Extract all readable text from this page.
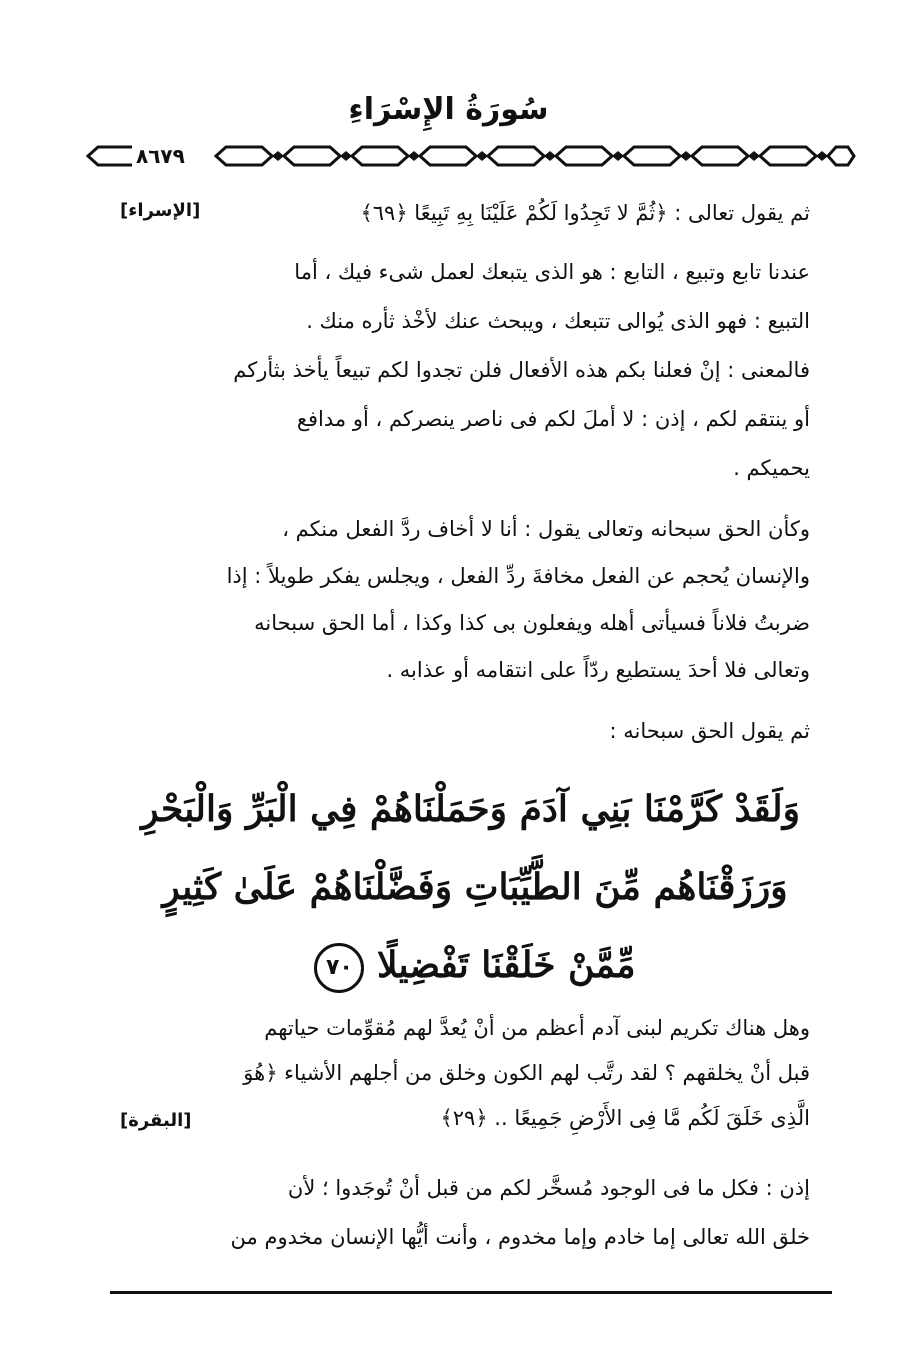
سُورَةُ الإِسْرَاءِ
٨٦٧٩
ثم يقول تعالى : ﴿ثُمَّ لا تَجِدُوا لَكُمْ عَلَيْنَا بِهِ تَبِيعًا ﴿٦٩﴾
[الإسراء]
عندنا تابع وتبيع ، التابع : هو الذى يتبعك لعمل شىء فيك ، أما
التبيع : فهو الذى يُوالى تتبعك ، ويبحث عنك لأخْذ ثأره منك .
فالمعنى : إنْ فعلنا بكم هذه الأفعال فلن تجدوا لكم تبيعاً يأخذ بثأركم
أو ينتقم لكم ، إذن : لا أملَ لكم فى ناصر ينصركم ، أو مدافع
يحميكم .
وكأن الحق سبحانه وتعالى يقول : أنا لا أخاف ردَّ الفعل منكم ،
والإنسان يُحجم عن الفعل مخافةَ ردِّ الفعل ، ويجلس يفكر طويلاً : إذا
ضربتُ فلاناً فسيأتى أهله ويفعلون بى كذا وكذا ، أما الحق سبحانه
وتعالى فلا أحدَ يستطيع ردّاً على انتقامه أو عذابه .
ثم يقول الحق سبحانه :
وَلَقَدْ كَرَّمْنَا بَنِي آدَمَ وَحَمَلْنَاهُمْ فِي الْبَرِّ وَالْبَحْرِ
وَرَزَقْنَاهُم مِّنَ الطَّيِّبَاتِ وَفَضَّلْنَاهُمْ عَلَىٰ كَثِيرٍ
مِّمَّنْ خَلَقْنَا تَفْضِيلًا ٧٠
وهل هناك تكريم لبنى آدم أعظم من أنْ يُعدَّ لهم مُقوِّمات حياتهم
قبل أنْ يخلقهم ؟ لقد رتَّب لهم الكون وخلق من أجلهم الأشياء ﴿هُوَ
الَّذِى خَلَقَ لَكُم مَّا فِى الأَرْضِ جَمِيعًا .. ﴿٢٩﴾
[البقرة]
إذن : فكل ما فى الوجود مُسخَّر لكم من قبل أنْ تُوجَدوا ؛ لأن
خلق الله تعالى إما خادم وإما مخدوم ، وأنت أيُّها الإنسان مخدوم من
